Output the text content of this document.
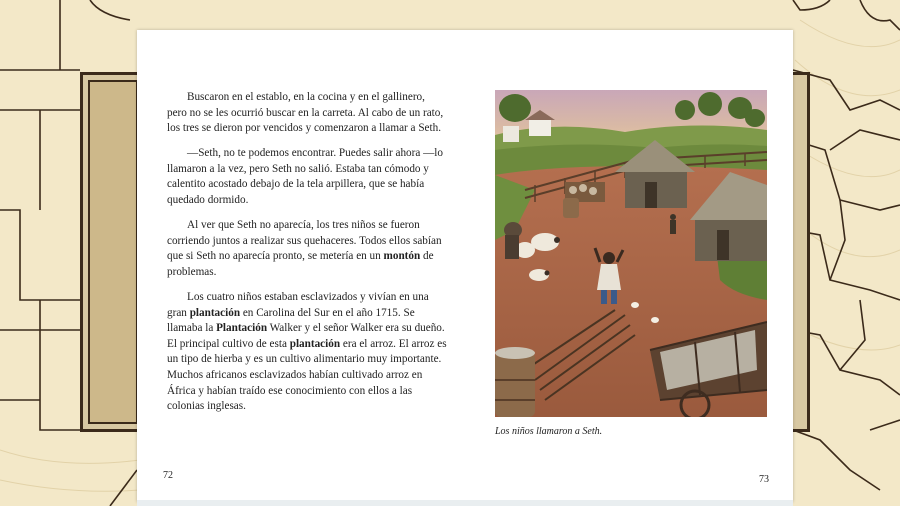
Buscaron en el establo, en la cocina y en el gallinero, pero no se les ocurrió buscar en la carreta. Al cabo de un rato, los tres se dieron por vencidos y comenzaron a llamar a Seth.

—Seth, no te podemos encontrar. Puedes salir ahora —lo llamaron a la vez, pero Seth no salió. Estaba tan cómodo y calentito acostado debajo de la tela arpillera, que se había quedado dormido.

Al ver que Seth no aparecía, los tres niños se fueron corriendo juntos a realizar sus quehaceres. Todos ellos sabían que si Seth no aparecía pronto, se metería en un montón de problemas.

Los cuatro niños estaban esclavizados y vivían en una gran plantación en Carolina del Sur en el año 1715. Se llamaba la Plantación Walker y el señor Walker era su dueño. El principal cultivo de esta plantación era el arroz. El arroz es un tipo de hierba y es un cultivo alimentario muy importante. Muchos africanos esclavizados habían cultivado arroz en África y habían traído ese conocimiento con ellos a las colonias inglesas.

Los niños llamaron a Seth.
72	73
